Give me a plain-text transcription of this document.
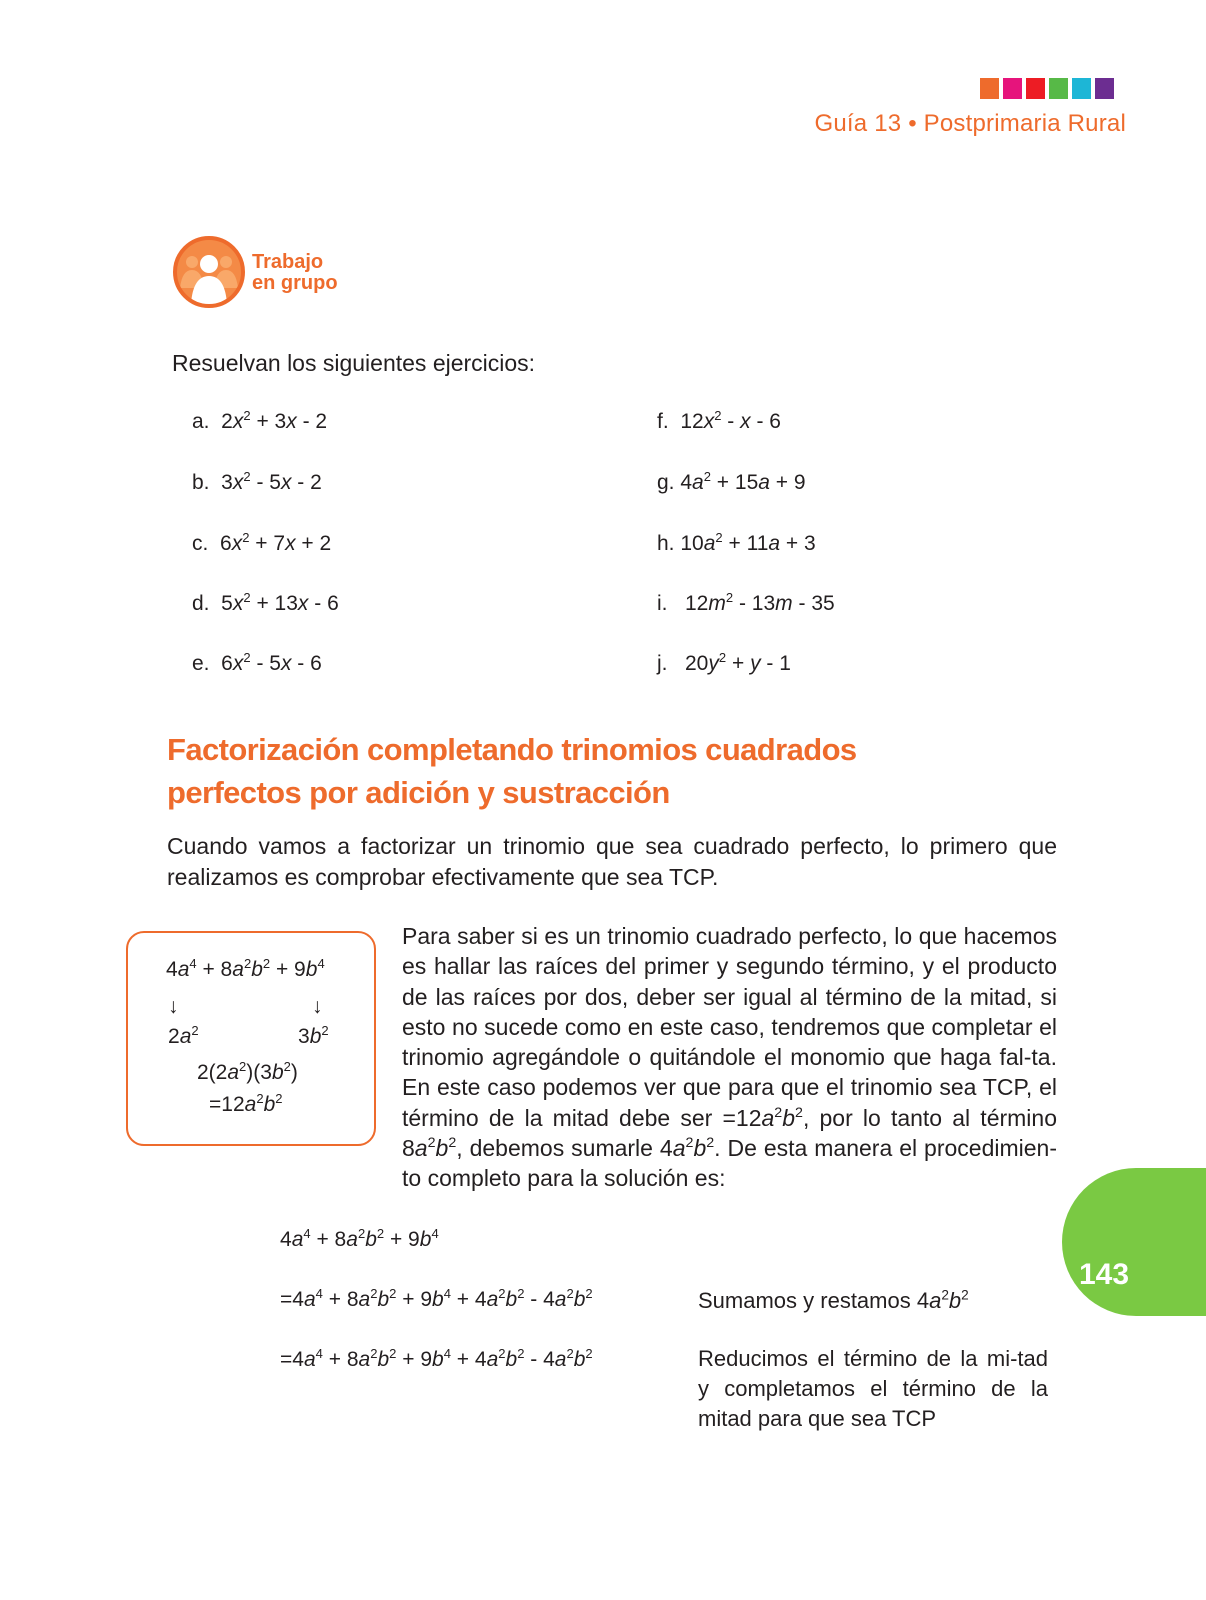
Guía 13 • Postprimaria Rural
Trabajo
en grupo
Resuelvan los siguientes ejercicios:
a.  $2x^2 + 3x - 2$
b.  $3x^2 - 5x - 2$
c.  $6x^2 + 7x + 2$
d.  $5x^2 + 13x - 6$
e.  $6x^2 - 5x - 6$
f.  $12x^2$ - x - 6
g. $4a^2 + 15a + 9$
h. $10a^2 + 11a + 3$
i.   $12m^2 - 13m - 35$
j.   $20y^2 + y - 1$
Factorización completando trinomios cuadrados
perfectos por adición y sustracción
Cuando vamos a factorizar un trinomio que sea cuadrado perfecto, lo primero que realizamos es comprobar efectivamente que sea TCP.
$4a^4 + 8a^2b^2 + 9b^4$
↓	↓
$2a^2$	$3b^2$
$2(2a^2)(3b^2)$
$=12a^2b^2$
Para saber si es un trinomio cuadrado perfecto, lo que hacemos es hallar las raíces del primer y segundo término, y el producto de las raíces por dos, deber ser igual al término de la mitad, si esto no sucede como en este caso, tendremos que completar el trinomio agregándole o quitándole el monomio que haga fal-ta. En este caso podemos ver que para que el trinomio sea TCP, el término de la mitad debe ser $=12a^2b^2$, por lo tanto al término $8a^2b^2$, debemos sumarle $4a^2b^2$. De esta manera el procedimien-to completo para la solución es:
$4a^4 + 8a^2b^2 + 9b^4$
$=4a^4 + 8a^2b^2 + 9b^4 + 4a^2b^2 - 4a^2b^2$
$=4a^4 + 8a^2b^2 + 9b^4 + 4a^2b^2 - 4a^2b^2$
Sumamos y restamos $4a^2b^2$
Reducimos el término de la mi-tad y completamos el término de la mitad para que sea TCP
143
